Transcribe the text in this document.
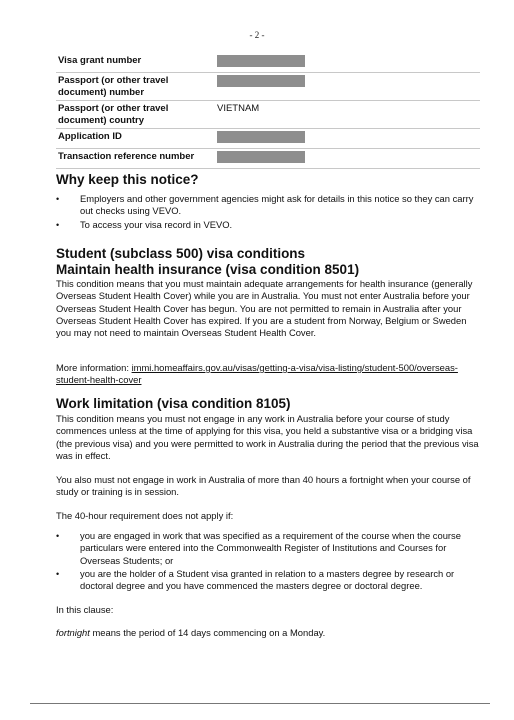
- 2 -
Visa grant number	
Passport (or other travel document) number	
Passport (or other travel document) country	VIETNAM
Application ID	
Transaction reference number	
Why keep this notice?
• Employers and other government agencies might ask for details in this notice so they can carry out checks using VEVO.
• To access your visa record in VEVO.
Student (subclass 500) visa conditions
Maintain health insurance (visa condition 8501)

This condition means that you must maintain adequate arrangements for health insurance (generally Overseas Student Health Cover) while you are in Australia. You must not enter Australia before your Overseas Student Health Cover has begun. You are not permitted to remain in Australia after your Overseas Student Health Cover has expired. If you are a student from Norway, Belgium or Sweden you may not need to maintain Overseas Student Health Cover.

More information: immi.homeaffairs.gov.au/visas/getting-a-visa/visa-listing/student-500/overseas-student-health-cover

Work limitation (visa condition 8105)

This condition means you must not engage in any work in Australia before your course of study commences unless at the time of applying for this visa, you held a substantive visa or a bridging visa (the previous visa) and you were permitted to work in Australia during the period that the previous visa was in effect.

You also must not engage in work in Australia of more than 40 hours a fortnight when your course of study or training is in session.

The 40-hour requirement does not apply if:

• you are engaged in work that was specified as a requirement of the course when the course particulars were entered into the Commonwealth Register of Institutions and Courses for Overseas Students; or
• you are the holder of a Student visa granted in relation to a masters degree by research or doctoral degree and you have commenced the masters degree or doctoral degree.

In this clause:

fortnight means the period of 14 days commencing on a Monday.
